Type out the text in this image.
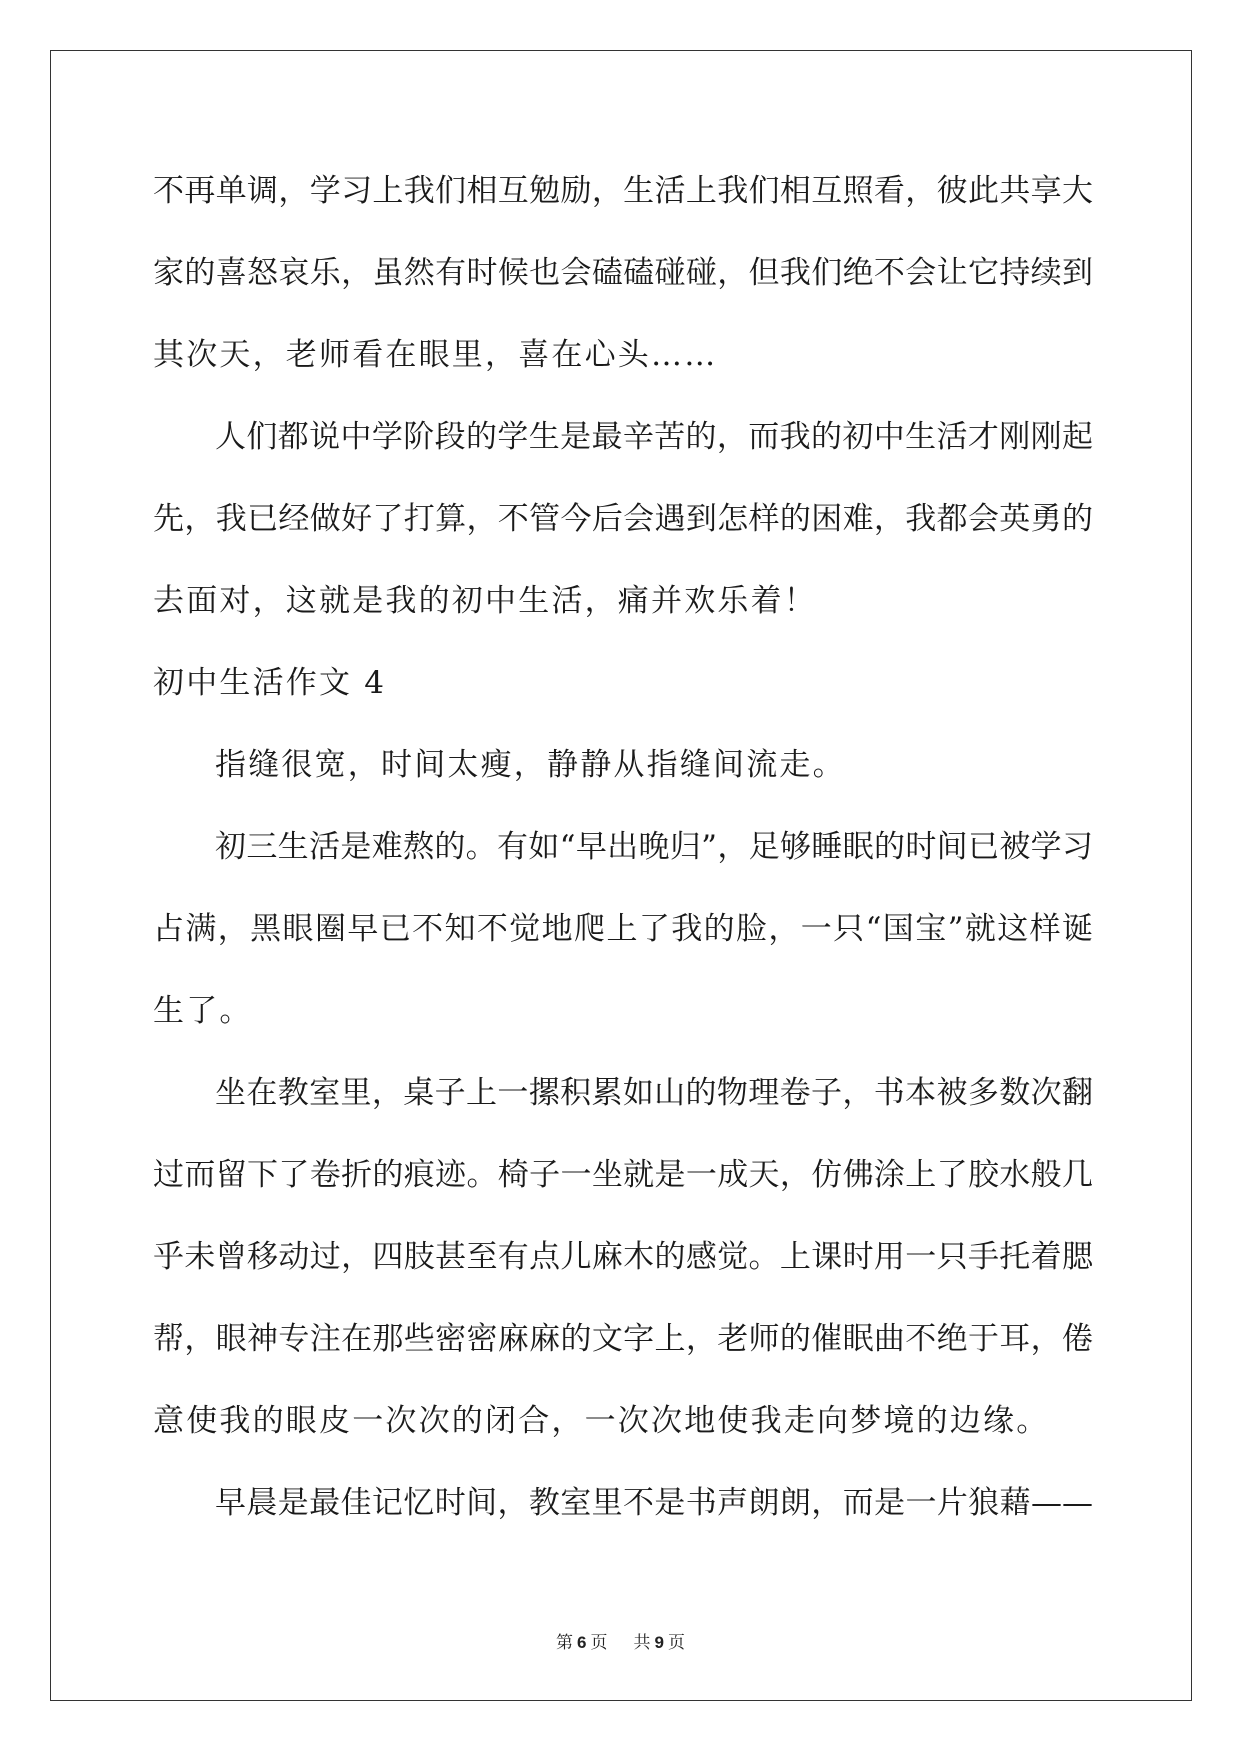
不再单调，学习上我们相互勉励，生活上我们相互照看，彼此共享大
家的喜怒哀乐，虽然有时候也会磕磕碰碰，但我们绝不会让它持续到
其次天，老师看在眼里，喜在心头……
人们都说中学阶段的学生是最辛苦的，而我的初中生活才刚刚起
先，我已经做好了打算，不管今后会遇到怎样的困难，我都会英勇的
去面对，这就是我的初中生活，痛并欢乐着！
初中生活作文 4
指缝很宽，时间太瘦，静静从指缝间流走。
初三生活是难熬的。有如“早出晚归”，足够睡眠的时间已被学习
占满，黑眼圈早已不知不觉地爬上了我的脸，一只“国宝”就这样诞
生了。
坐在教室里，桌子上一摞积累如山的物理卷子，书本被多数次翻
过而留下了卷折的痕迹。椅子一坐就是一成天，仿佛涂上了胶水般几
乎未曾移动过，四肢甚至有点儿麻木的感觉。上课时用一只手托着腮
帮，眼神专注在那些密密麻麻的文字上，老师的催眠曲不绝于耳，倦
意使我的眼皮一次次的闭合，一次次地使我走向梦境的边缘。
早晨是最佳记忆时间，教室里不是书声朗朗，而是一片狼藉——
第 6 页 共 9 页
